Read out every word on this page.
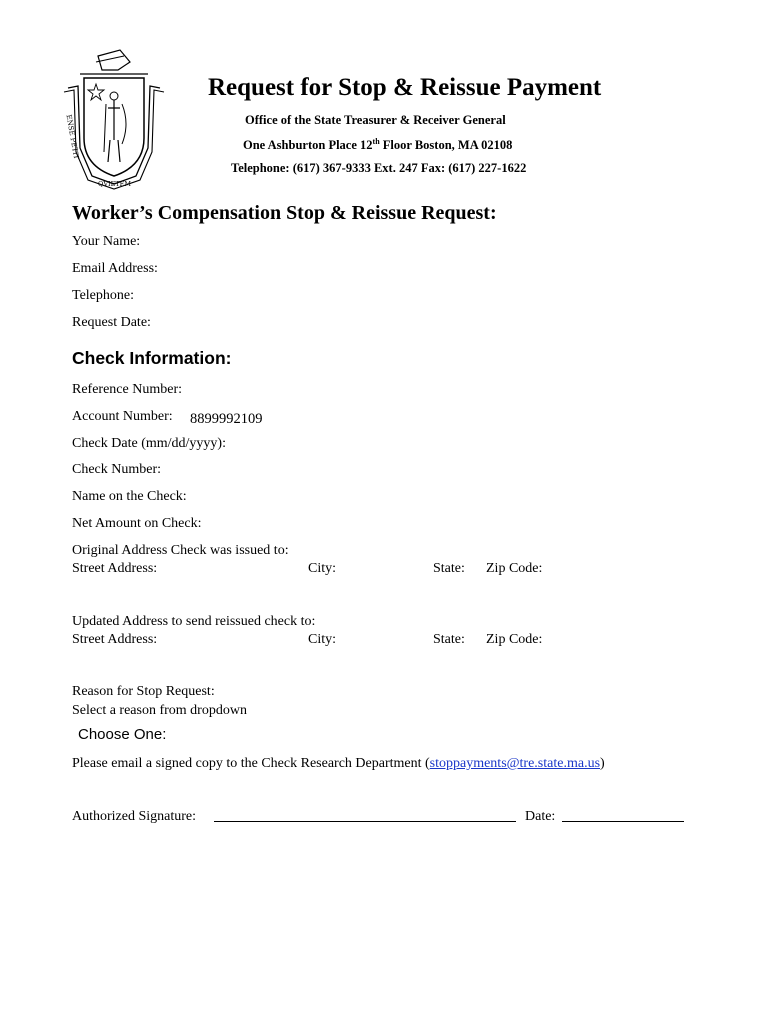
ENSE PETIT
QVIETEM
Request for Stop & Reissue Payment
Office of the State Treasurer & Receiver General
One Ashburton Place 12th Floor Boston, MA 02108
Telephone: (617) 367-9333 Ext. 247 Fax: (617) 227-1622
Worker’s Compensation Stop & Reissue Request:
Your Name:
Email Address:
Telephone:
Request Date:
Check Information:
Reference Number:
Account Number: 8899992109
Check Date (mm/dd/yyyy):
Check Number:
Name on the Check:
Net Amount on Check:
Original Address Check was issued to:
Street Address:	City:	State: Zip Code:
Updated Address to send reissued check to:
Street Address:	City:	State: Zip Code:
Reason for Stop Request:
Select a reason from dropdown
Choose One:
Please email a signed copy to the Check Research Department (stoppayments@tre.state.ma.us)
Authorized Signature:	Date:
